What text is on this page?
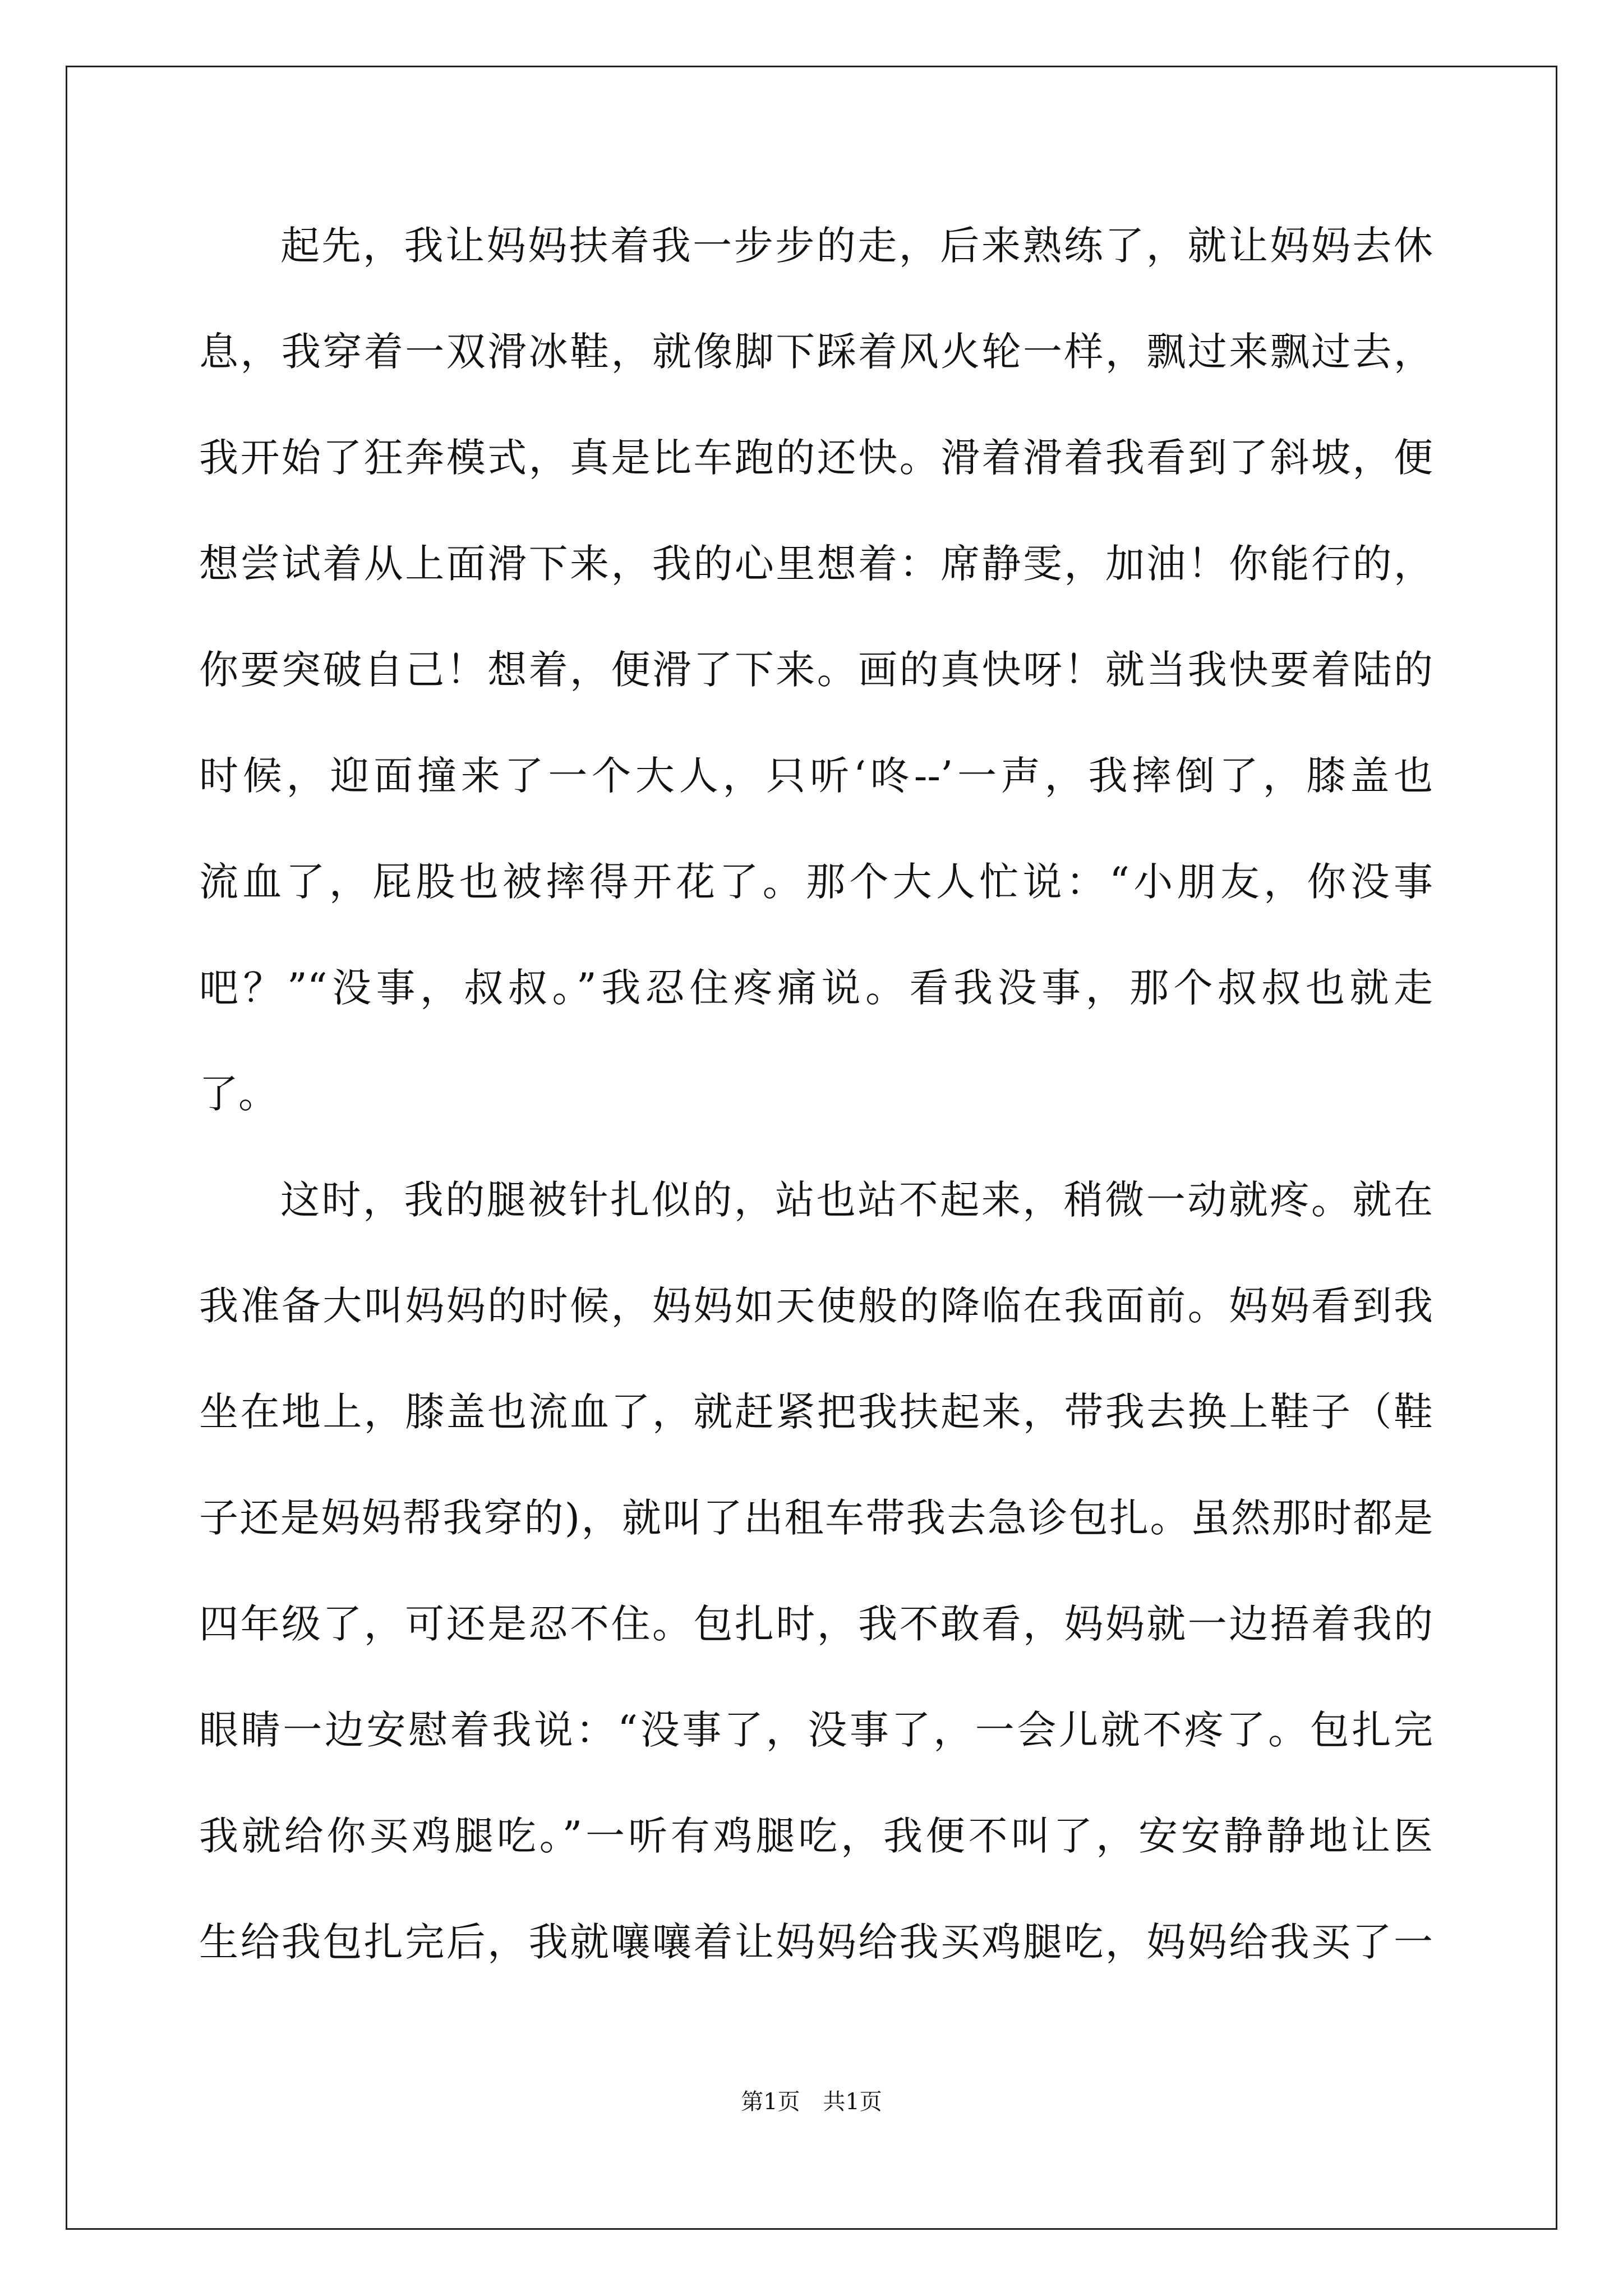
起先，我让妈妈扶着我一步步的走，后来熟练了，就让妈妈去休
息，我穿着一双滑冰鞋，就像脚下踩着风火轮一样，飘过来飘过去，
我开始了狂奔模式，真是比车跑的还快。滑着滑着我看到了斜坡，便
想尝试着从上面滑下来，我的心里想着：席静雯，加油！你能行的，
你要突破自己！想着，便滑了下来。画的真快呀！就当我快要着陆的
时候，迎面撞来了一个大人，只听‘咚--’一声，我摔倒了，膝盖也
流血了，屁股也被摔得开花了。那个大人忙说：“小朋友，你没事
吧？”“没事，叔叔。”我忍住疼痛说。看我没事，那个叔叔也就走
了。
这时，我的腿被针扎似的，站也站不起来，稍微一动就疼。就在
我准备大叫妈妈的时候，妈妈如天使般的降临在我面前。妈妈看到我
坐在地上，膝盖也流血了，就赶紧把我扶起来，带我去换上鞋子（鞋
子还是妈妈帮我穿的)，就叫了出租车带我去急诊包扎。虽然那时都是
四年级了，可还是忍不住。包扎时，我不敢看，妈妈就一边捂着我的
眼睛一边安慰着我说：“没事了，没事了，一会儿就不疼了。包扎完
我就给你买鸡腿吃。”一听有鸡腿吃，我便不叫了，安安静静地让医
生给我包扎完后，我就嚷嚷着让妈妈给我买鸡腿吃，妈妈给我买了一
第1页 共1页
